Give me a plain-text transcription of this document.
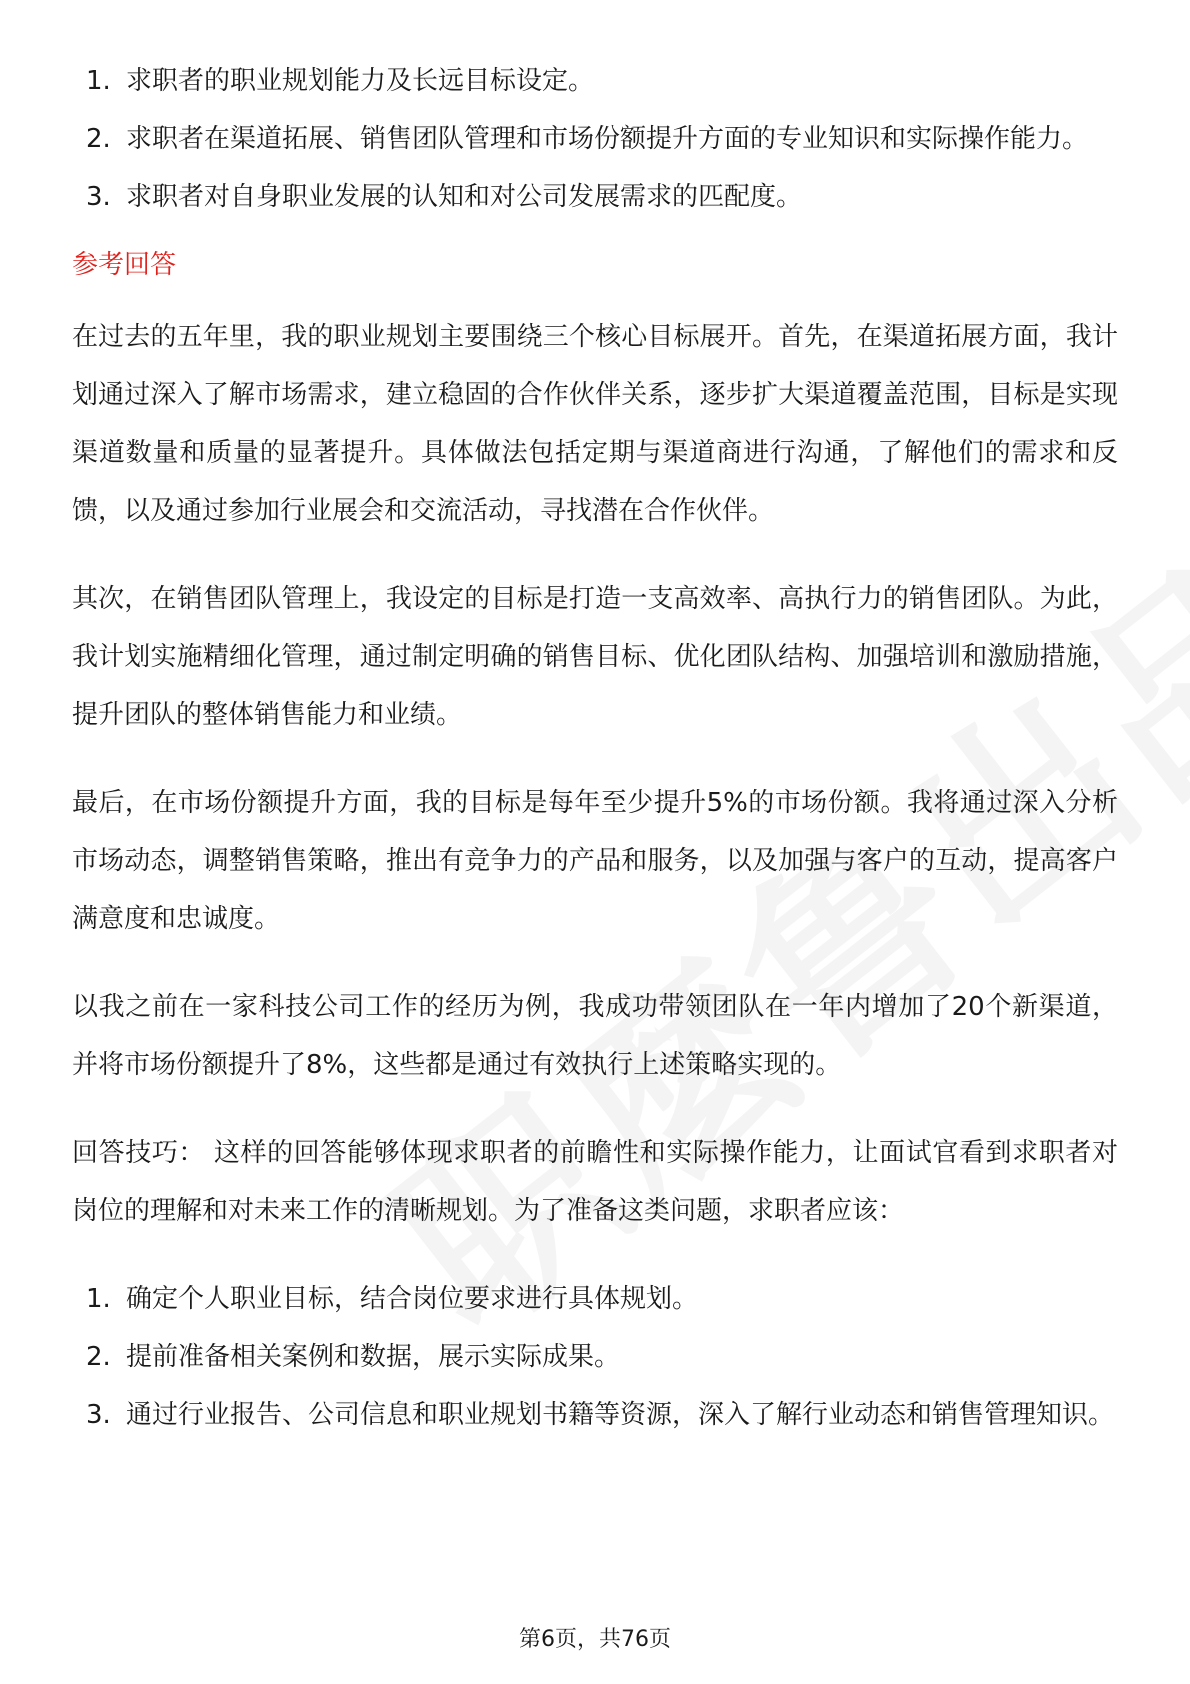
1. 求职者的职业规划能力及长远目标设定。
2. 求职者在渠道拓展、销售团队管理和市场份额提升方面的专业知识和实际操作能力。
3. 求职者对自身职业发展的认知和对公司发展需求的匹配度。
参考回答

在过去的五年里，我的职业规划主要围绕三个核心目标展开。首先，在渠道拓展方面，我计划通过深入了解市场需求，建立稳固的合作伙伴关系，逐步扩大渠道覆盖范围，目标是实现渠道数量和质量的显著提升。具体做法包括定期与渠道商进行沟通，了解他们的需求和反馈，以及通过参加行业展会和交流活动，寻找潜在合作伙伴。

其次，在销售团队管理上，我设定的目标是打造一支高效率、高执行力的销售团队。为此，我计划实施精细化管理，通过制定明确的销售目标、优化团队结构、加强培训和激励措施，提升团队的整体销售能力和业绩。

最后，在市场份额提升方面，我的目标是每年至少提升5%的市场份额。我将通过深入分析市场动态，调整销售策略，推出有竞争力的产品和服务，以及加强与客户的互动，提高客户满意度和忠诚度。

以我之前在一家科技公司工作的经历为例，我成功带领团队在一年内增加了20个新渠道，并将市场份额提升了8%，这些都是通过有效执行上述策略实现的。

回答技巧： 这样的回答能够体现求职者的前瞻性和实际操作能力，让面试官看到求职者对岗位的理解和对未来工作的清晰规划。为了准备这类问题，求职者应该：

1. 确定个人职业目标，结合岗位要求进行具体规划。
2. 提前准备相关案例和数据，展示实际成果。
3. 通过行业报告、公司信息和职业规划书籍等资源，深入了解行业动态和销售管理知识。
第6页，共76页
